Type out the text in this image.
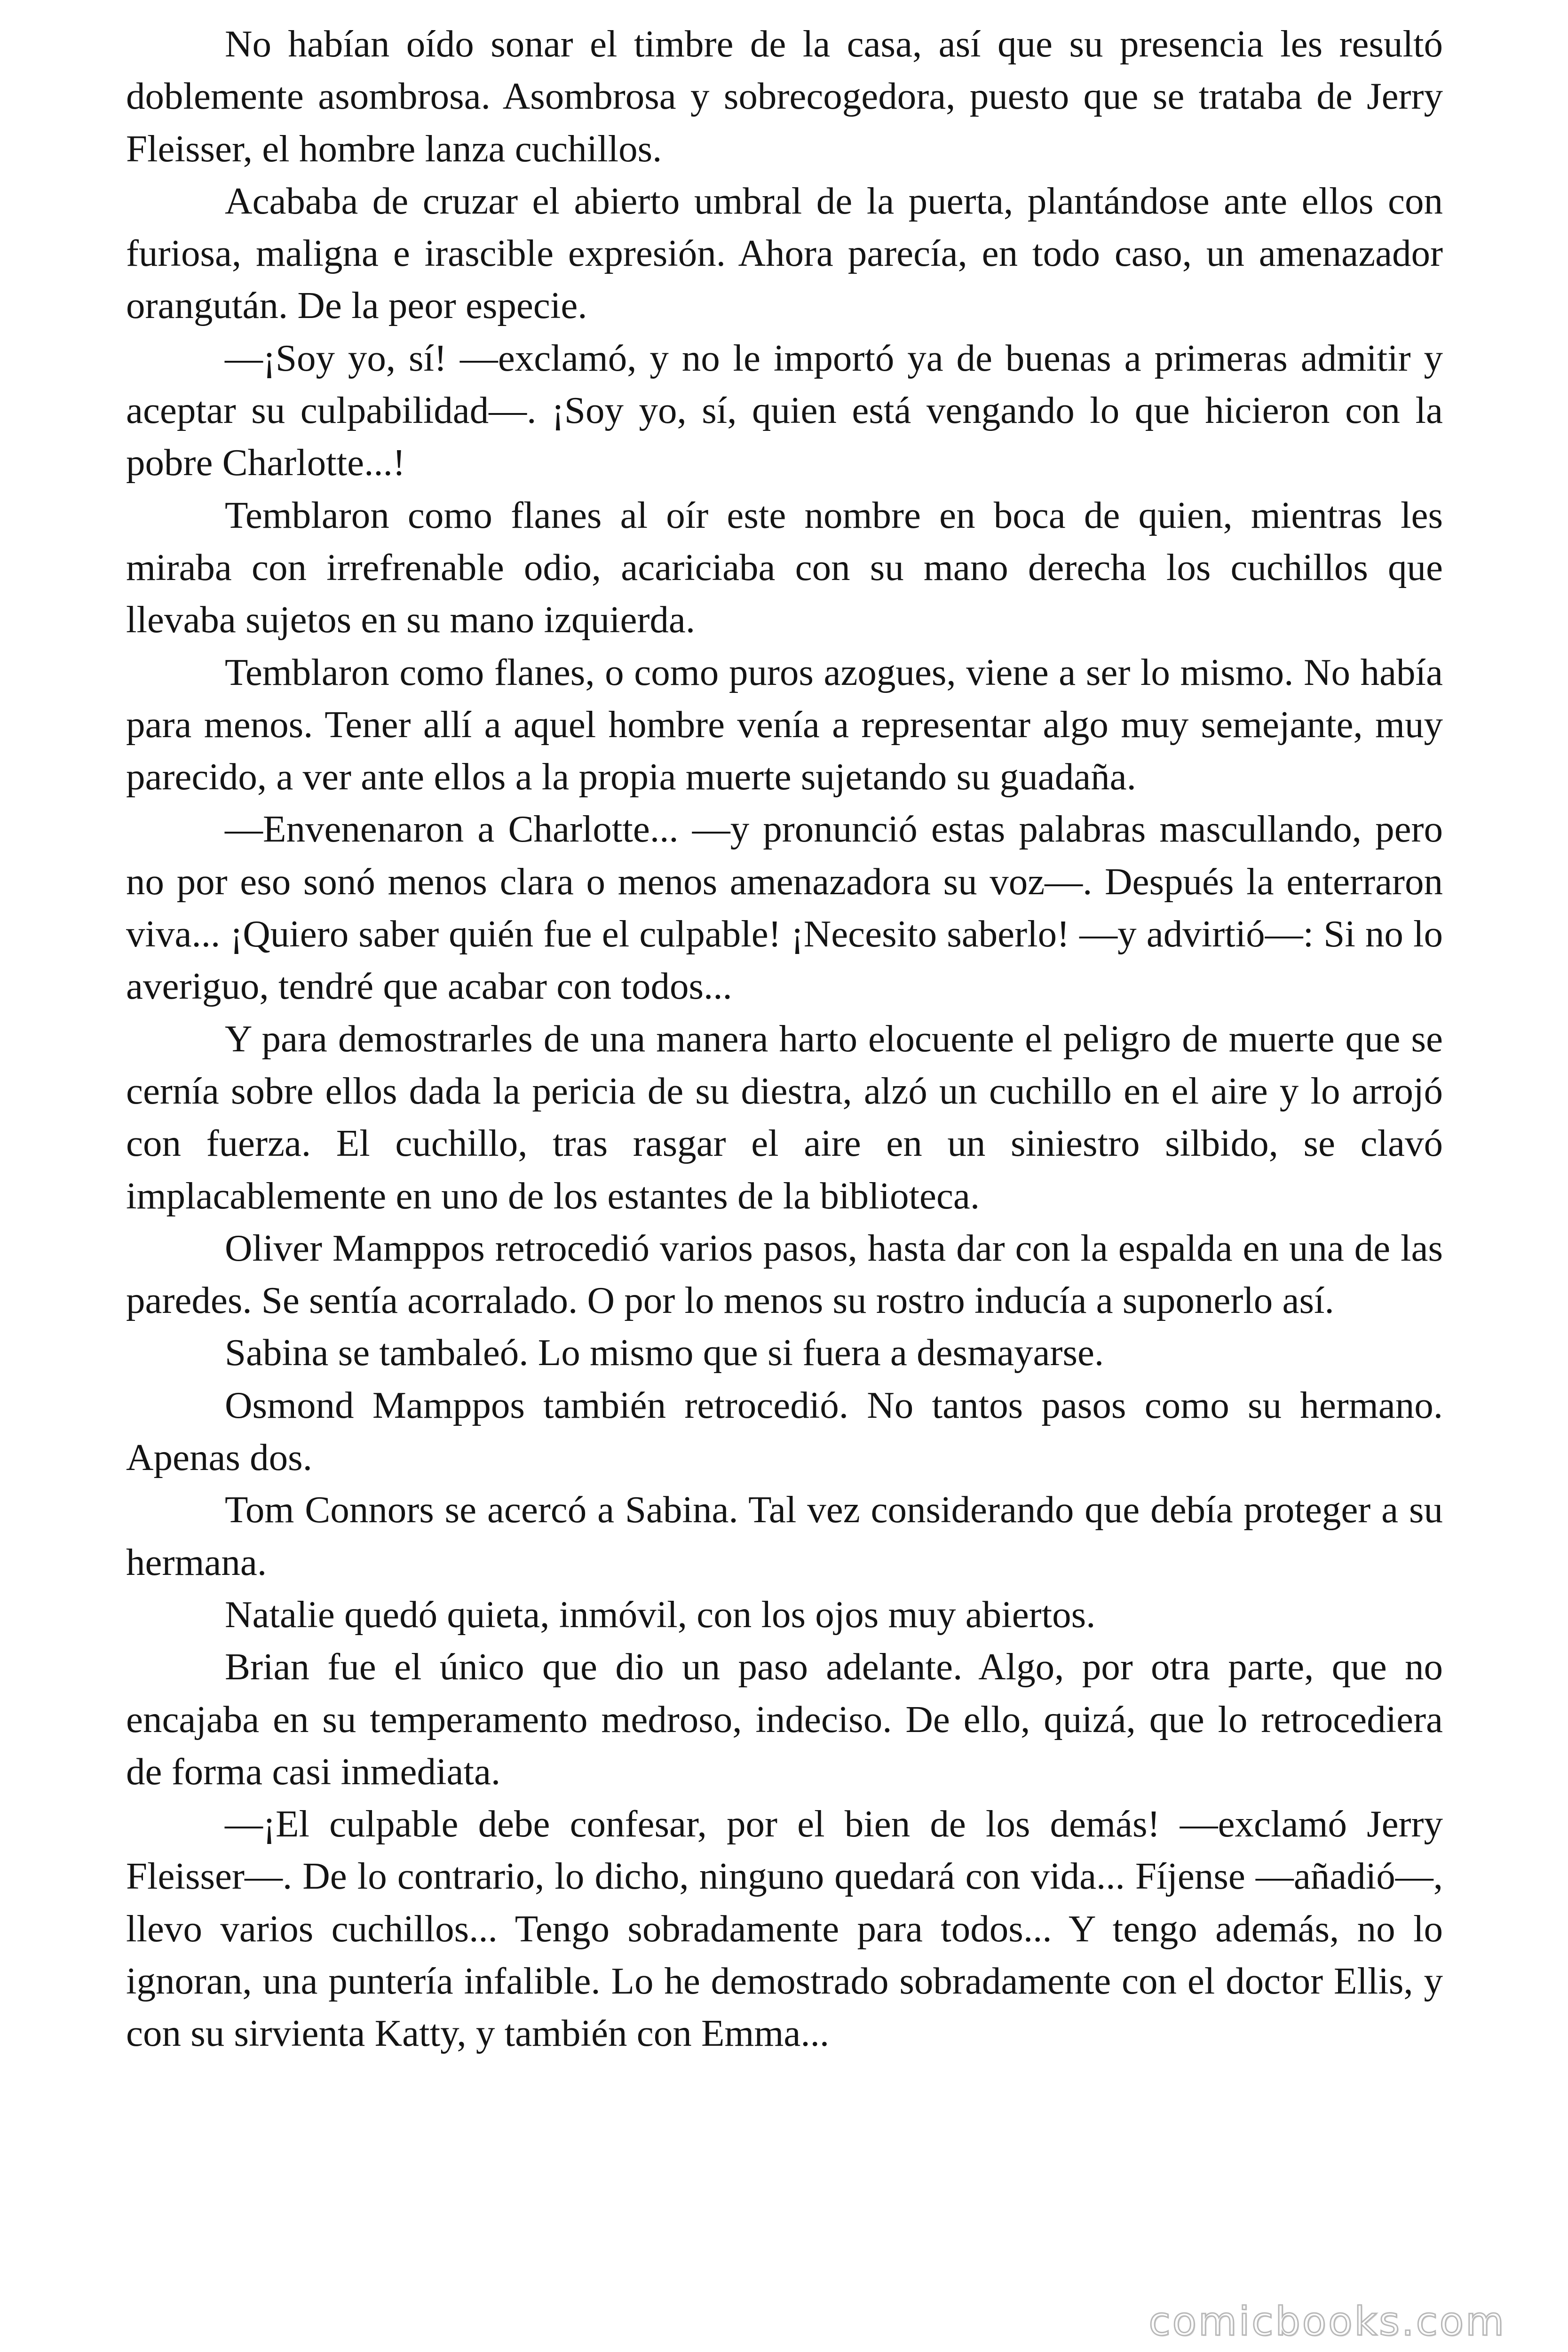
No habían oído sonar el timbre de la casa, así que su presencia les resultó doblemente asombrosa. Asombrosa y sobrecogedora, puesto que se trataba de Jerry Fleisser, el hombre lanza cuchillos.

Acababa de cruzar el abierto umbral de la puerta, plantándose ante ellos con furiosa, maligna e irascible expresión. Ahora parecía, en todo caso, un amenazador orangután. De la peor especie.

—¡Soy yo, sí! —exclamó, y no le importó ya de buenas a primeras admitir y aceptar su culpabilidad—. ¡Soy yo, sí, quien está vengando lo que hicieron con la pobre Charlotte...!

Temblaron como flanes al oír este nombre en boca de quien, mientras les miraba con irrefrenable odio, acariciaba con su mano derecha los cuchillos que llevaba sujetos en su mano izquierda.

Temblaron como flanes, o como puros azogues, viene a ser lo mismo. No había para menos. Tener allí a aquel hombre venía a representar algo muy semejante, muy parecido, a ver ante ellos a la propia muerte sujetando su guadaña.

—Envenenaron a Charlotte... —y pronunció estas palabras mascullando, pero no por eso sonó menos clara o menos amenazadora su voz—. Después la enterraron viva... ¡Quiero saber quién fue el culpable! ¡Necesito saberlo! —y advirtió—: Si no lo averiguo, tendré que acabar con todos...

Y para demostrarles de una manera harto elocuente el peligro de muerte que se cernía sobre ellos dada la pericia de su diestra, alzó un cuchillo en el aire y lo arrojó con fuerza. El cuchillo, tras rasgar el aire en un siniestro silbido, se clavó implacablemente en uno de los estantes de la biblioteca.

Oliver Mamppos retrocedió varios pasos, hasta dar con la espalda en una de las paredes. Se sentía acorralado. O por lo menos su rostro inducía a suponerlo así.

Sabina se tambaleó. Lo mismo que si fuera a desmayarse.

Osmond Mamppos también retrocedió. No tantos pasos como su hermano. Apenas dos.

Tom Connors se acercó a Sabina. Tal vez considerando que debía proteger a su hermana.

Natalie quedó quieta, inmóvil, con los ojos muy abiertos.

Brian fue el único que dio un paso adelante. Algo, por otra parte, que no encajaba en su temperamento medroso, indeciso. De ello, quizá, que lo retrocediera de forma casi inmediata.

—¡El culpable debe confesar, por el bien de los demás! —exclamó Jerry Fleisser—. De lo contrario, lo dicho, ninguno quedará con vida... Fíjense —añadió—, llevo varios cuchillos... Tengo sobradamente para todos... Y tengo además, no lo ignoran, una puntería infalible. Lo he demostrado sobradamente con el doctor Ellis, y con su sirvienta Katty, y también con Emma...

comicbooks.com
